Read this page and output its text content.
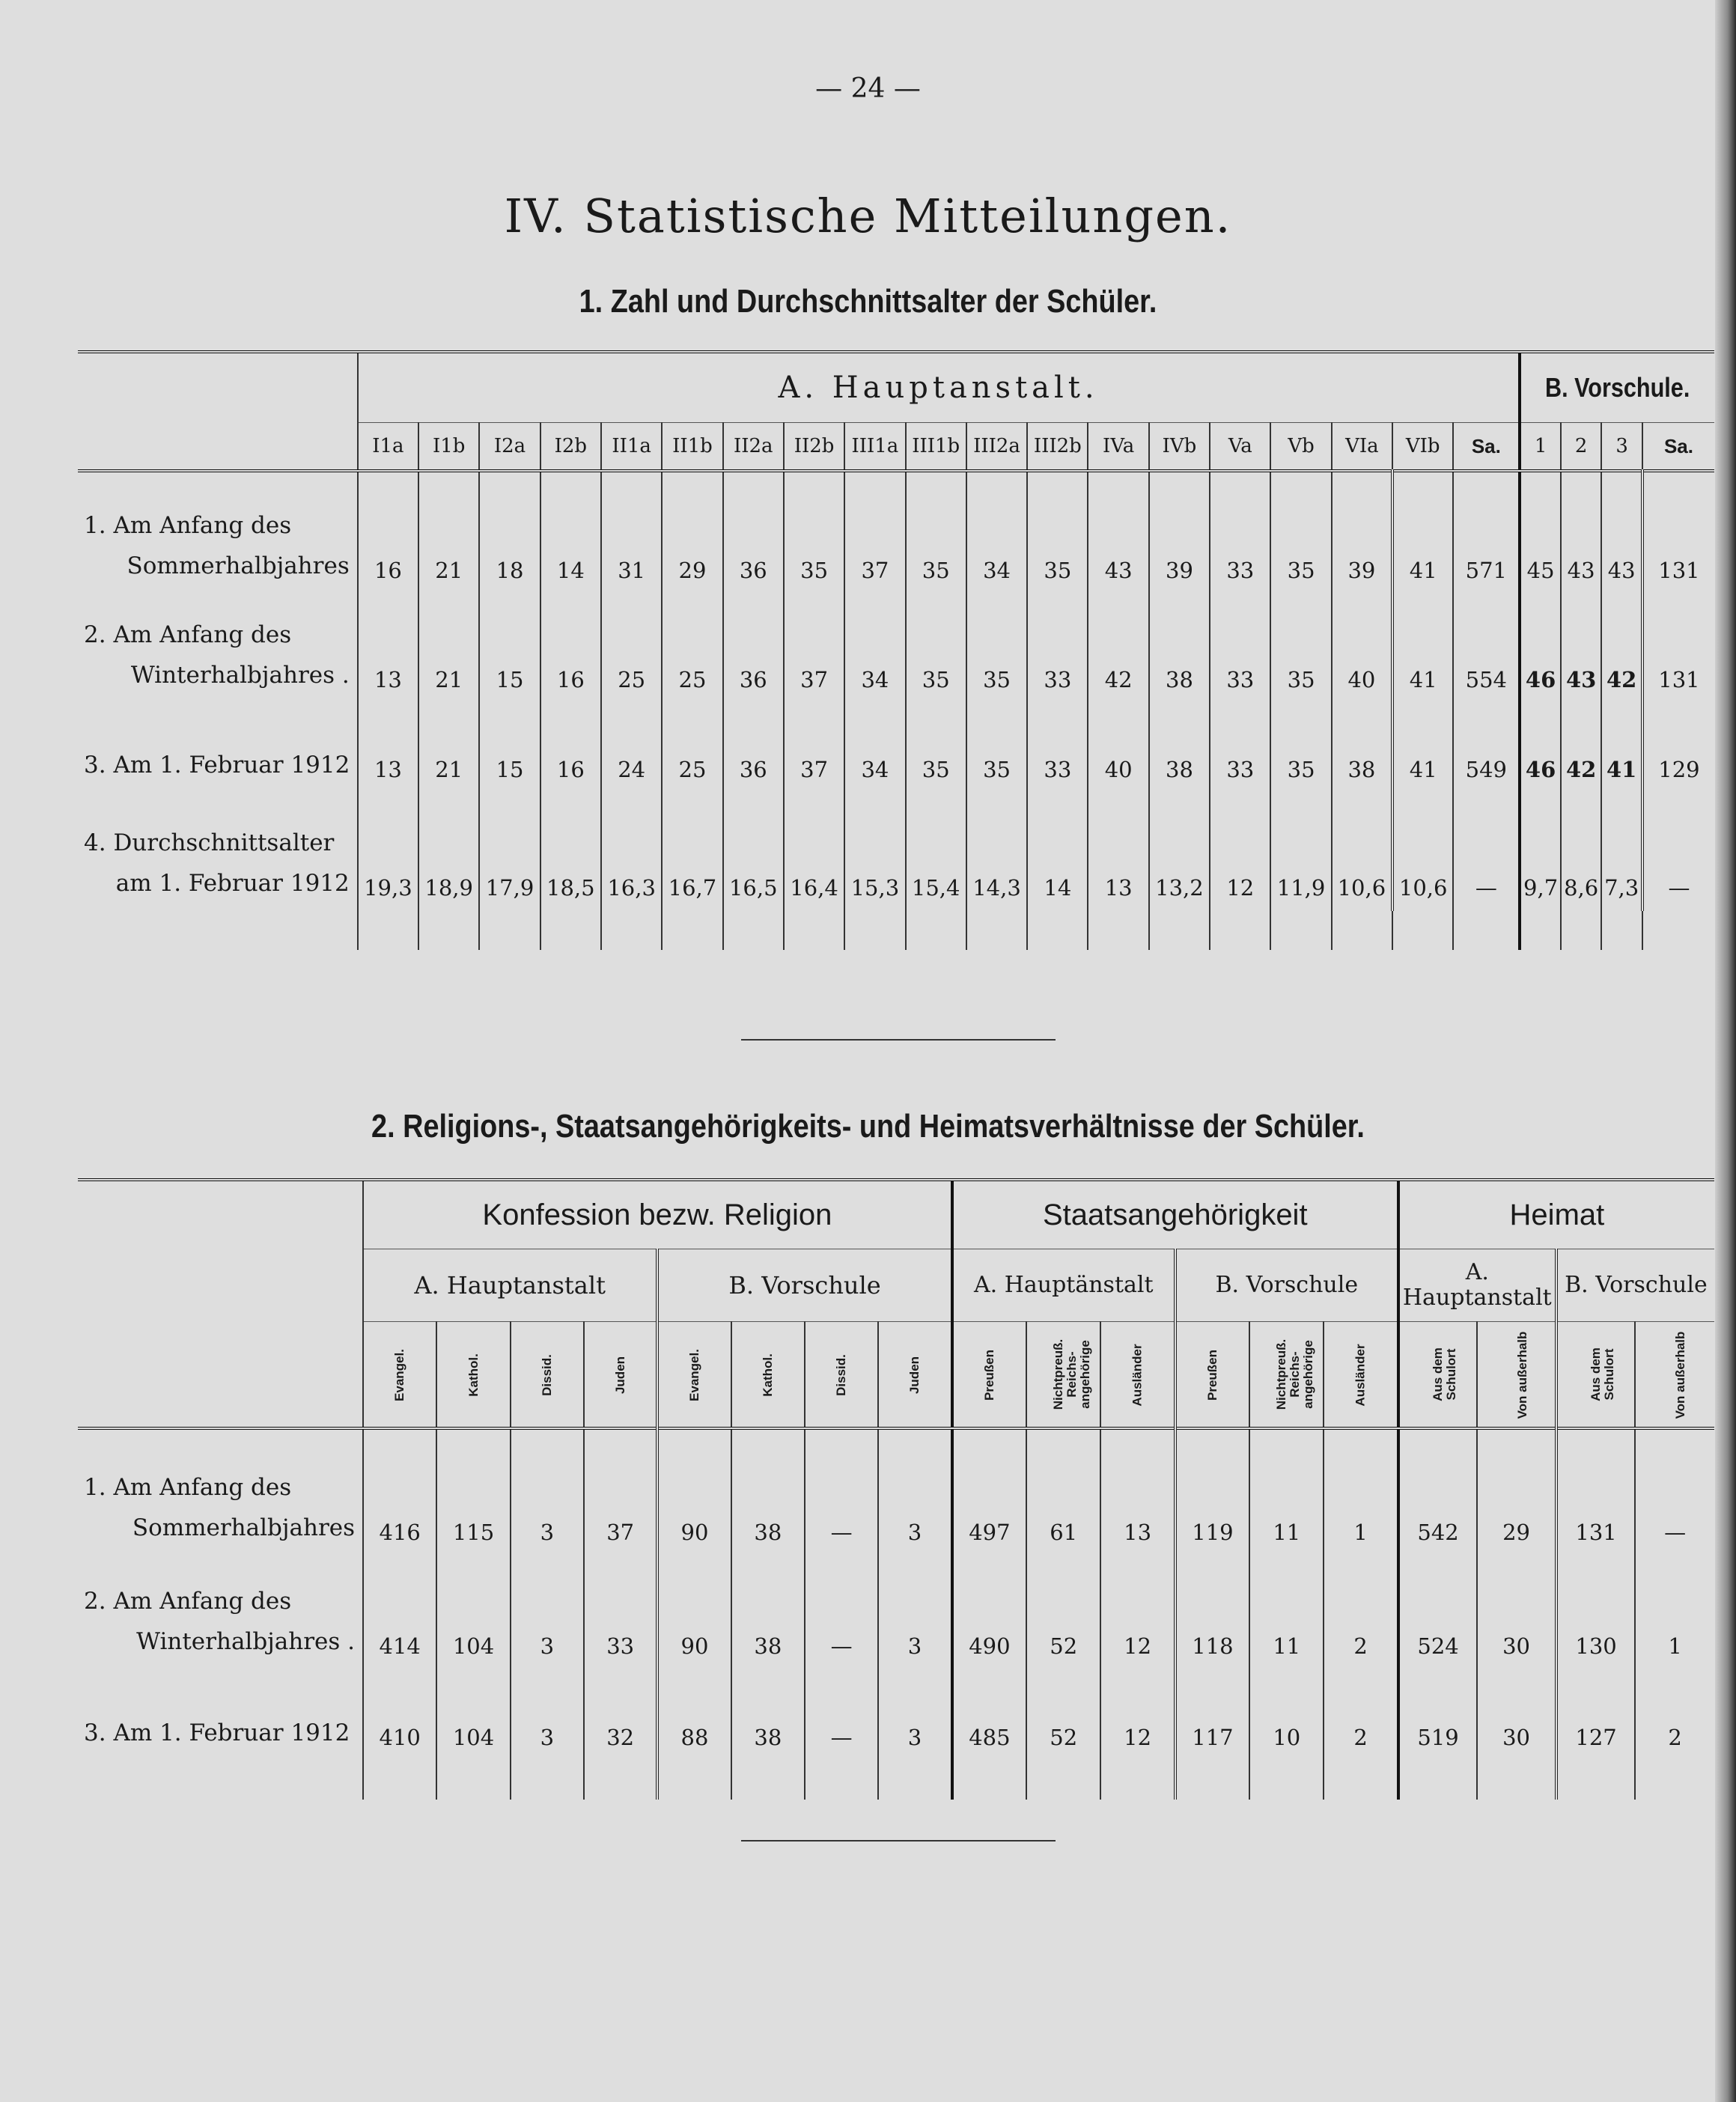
— 24 —
IV. Statistische Mitteilungen.
1. Zahl und Durchschnittsalter der Schüler.
	A. Hauptanstalt.																			B. Vorschule.			
	I1a	I1b	I2a	I2b	II1a	II1b	II2a	II2b	III1a	III1b	III2a	III2b	IVa	IVb	Va	Vb	VIa	VIb	Sa.	1	2	3	Sa.
1. Am Anfang des
Sommerhalbjahres	16	21	18	14	31	29	36	35	37	35	34	35	43	39	33	35	39	41	571	45	43	43	131
2. Am Anfang des
Winterhalbjahres .	13	21	15	16	25	25	36	37	34	35	35	33	42	38	33	35	40	41	554	46	43	42	131
3. Am 1. Februar 1912	13	21	15	16	24	25	36	37	34	35	35	33	40	38	33	35	38	41	549	46	42	41	129
4. Durchschnittsalter
am 1. Februar 1912	19,3	18,9	17,9	18,5	16,3	16,7	16,5	16,4	15,3	15,4	14,3	14	13	13,2	12	11,9	10,6	10,6	—	9,7	8,6	7,3	—

2. Religions-, Staatsangehörigkeits- und Heimatsverhältnisse der Schüler.
	Konfession bezw. Religion								Staatsangehörigkeit						Heimat			
	A. Hauptanstalt				B. Vorschule				A. Hauptänstalt			B. Vorschule			A. Hauptanstalt		B. Vorschule	
	Evangel.	Kathol.	Dissid.	Juden	Evangel.	Kathol.	Dissid.	Juden	Preußen	Nichtpreuß. Reichs- angehörige	Ausländer	Preußen	Nichtpreuß. Reichs- angehörige	Ausländer	Aus dem Schulort	Von außerhalb	Aus dem Schulort	Von außerhalb
1. Am Anfang des
Sommerhalbjahres	416	115	3	37	90	38	—	3	497	61	13	119	11	1	542	29	131	—
2. Am Anfang des
Winterhalbjahres .	414	104	3	33	90	38	—	3	490	52	12	118	11	2	524	30	130	1
3. Am 1. Februar 1912	410	104	3	32	88	38	—	3	485	52	12	117	10	2	519	30	127	2
